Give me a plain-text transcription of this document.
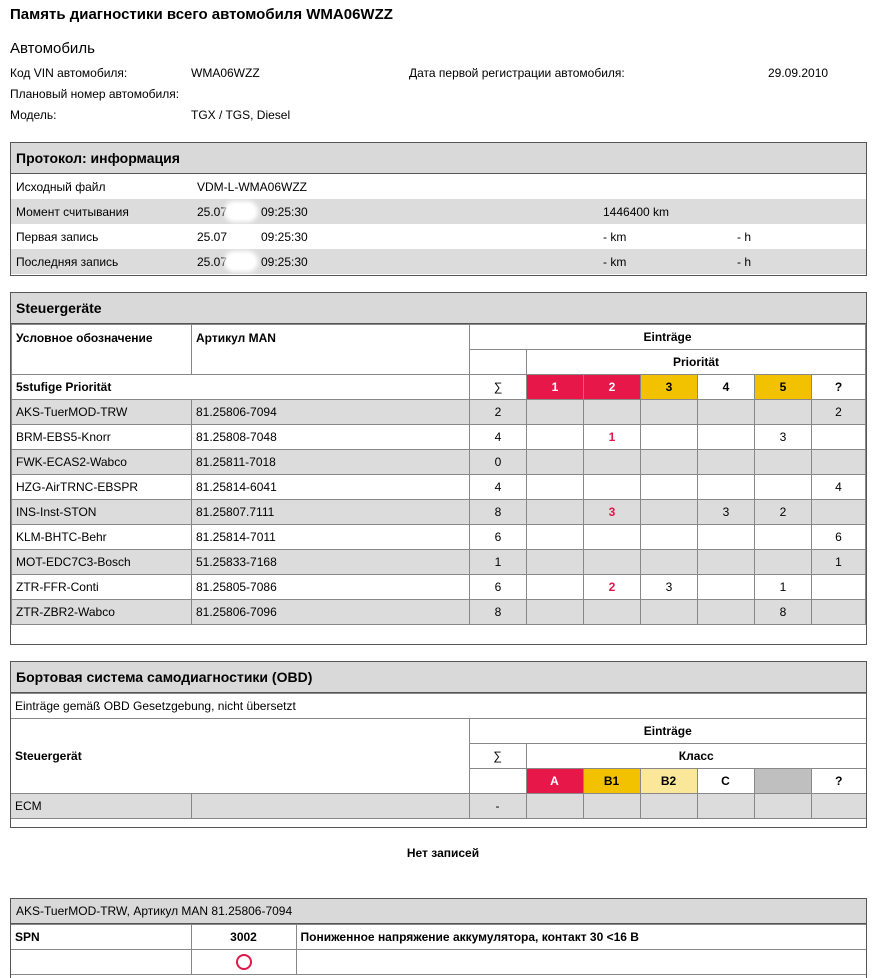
Память диагностики всего автомобиля WMA06WZZ
Автомобиль
Код VIN автомобиля:	WMA06WZZ	Дата первой регистрации автомобиля:	29.09.2010
Плановый номер автомобиля:
Модель:	TGX / TGS, Diesel
Протокол: информация
Исходный файл	VDM-L-WMA06WZZ
Момент считывания	25.07	09:25:30	1446400 km
Первая запись	25.07	09:25:30	- km	- h
Последняя запись	25.07	09:25:30	- km	- h
Steuergeräte
Условное обозначение	Артикул MAN	Einträge						
			Priorität					
5stufige Priorität		∑	1	2	3	4	5	?
AKS-TuerMOD-TRW	81.25806-7094	2						2
BRM-EBS5-Knorr	81.25808-7048	4		1			3	
FWK-ECAS2-Wabco	81.25811-7018	0						
HZG-AirTRNC-EBSPR	81.25814-6041	4						4
INS-Inst-STON	81.25807.7111	8		3		3	2	
KLM-BHTC-Behr	81.25814-7011	6						6
MOT-EDC7C3-Bosch	51.25833-7168	1						1
ZTR-FFR-Conti	81.25805-7086	6		2	3		1	
ZTR-ZBR2-Wabco	81.25806-7096	8					8	
Бортовая система самодиагностики (OBD)
Einträge gemäß OBD Gesetzgebung, nicht übersetzt								
Steuergerät		Einträge						
		∑	Класс					
			A	B1	B2	C		?
ECM		-						
Нет записей
AKS-TuerMOD-TRW, Артикул MAN 81.25806-7094
SPN	3002	Пониженное напряжение аккумулятора, контакт 30 <16 В
